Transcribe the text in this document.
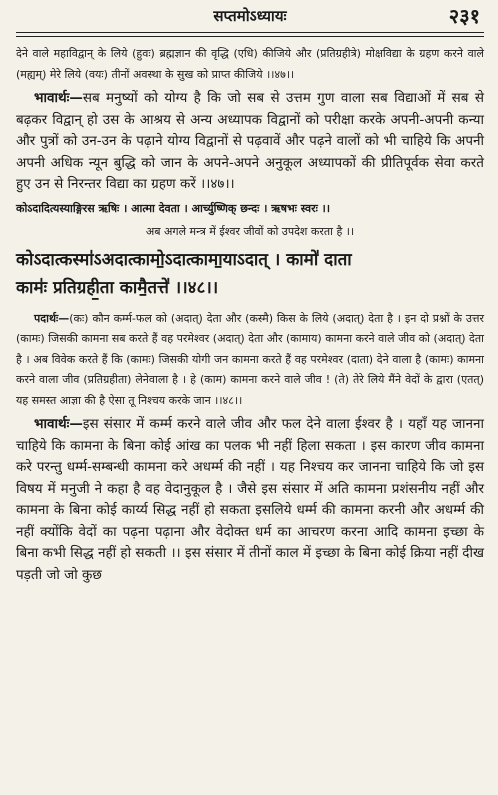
सप्तमोऽध्यायः	२३१

देने वाले महाविद्वान् के लिये (हुवः) ब्रह्मज्ञान की वृद्धि (एधि) कीजिये और (प्रतिग्रहीत्रे) मोक्षविद्या के ग्रहण करने वाले (मह्यम्) मेरे लिये (वयः) तीनों अवस्था के सुख को प्राप्त कीजिये ।।४७।।

भावार्थः—सब मनुष्यों को योग्य है कि जो सब से उत्तम गुण वाला सब विद्याओं में सब से बढ़कर विद्वान् हो उस के आश्रय से अन्य अध्यापक विद्वानों को परीक्षा करके अपनी-अपनी कन्या और पुत्रों को उन-उन के पढ़ाने योग्य विद्वानों से पढ़वावें और पढ़ने वालों को भी चाहिये कि अपनी अपनी अधिक न्यून बुद्धि को जान के अपने-अपने अनुकूल अध्यापकों की प्रीतिपूर्वक सेवा करते हुए उन से निरन्तर विद्या का ग्रहण करें ।।४७।।

कोऽदादित्यस्याङ्गिरस ऋषिः । आत्मा देवता । आर्च्युष्णिक् छन्दः । ऋषभः स्वरः ।।

अब अगले मन्त्र में ईश्वर जीवों को उपदेश करता है ।।

कोऽदात्कस्मा॑ऽअदात्कामो॒ऽदात्कामा॒याऽदात् । कामो॑ दाता

कामः॑ प्रतिग्रही॒ता कामै॒तत्ते॑ ।।४८।।

पदार्थः—(कः) कौन कर्म्म-फल को (अदात्) देता और (कस्मै) किस के लिये (अदात्) देता है । इन दो प्रश्नों के उत्तर (कामः) जिसकी कामना सब करते हैं वह परमेश्वर (अदात्) देता और (कामाय) कामना करने वाले जीव को (अदात्) देता है । अब विवेक करते हैं कि (कामः) जिसकी योगी जन कामना करते हैं वह परमेश्वर (दाता) देने वाला है (कामः) कामना करने वाला जीव (प्रतिग्रहीता) लेनेवाला है । हे (काम) कामना करने वाले जीव ! (ते) तेरे लिये मैंने वेदों के द्वारा (एतत्) यह समस्त आज्ञा की है ऐसा तू निश्चय करके जान ।।४८।।

भावार्थः—इस संसार में कर्म्म करने वाले जीव और फल देने वाला ईश्वर है । यहाँ यह जानना चाहिये कि कामना के बिना कोई आंख का पलक भी नहीं हिला सकता । इस कारण जीव कामना करे परन्तु धर्म्म-सम्बन्धी कामना करे अधर्म्म की नहीं । यह निश्चय कर जानना चाहिये कि जो इस विषय में मनुजी ने कहा है वह वेदानुकूल है । जैसे इस संसार में अति कामना प्रशंसनीय नहीं और कामना के बिना कोई कार्य्य सिद्ध नहीं हो सकता इसलिये धर्म्म की कामना करनी और अधर्म्म की नहीं क्योंकि वेदों का पढ़ना पढ़ाना और वेदोक्त धर्म का आचरण करना आदि कामना इच्छा के बिना कभी सिद्ध नहीं हो सकती ।। इस संसार में तीनों काल में इच्छा के बिना कोई क्रिया नहीं दीख पड़ती जो जो कुछ
